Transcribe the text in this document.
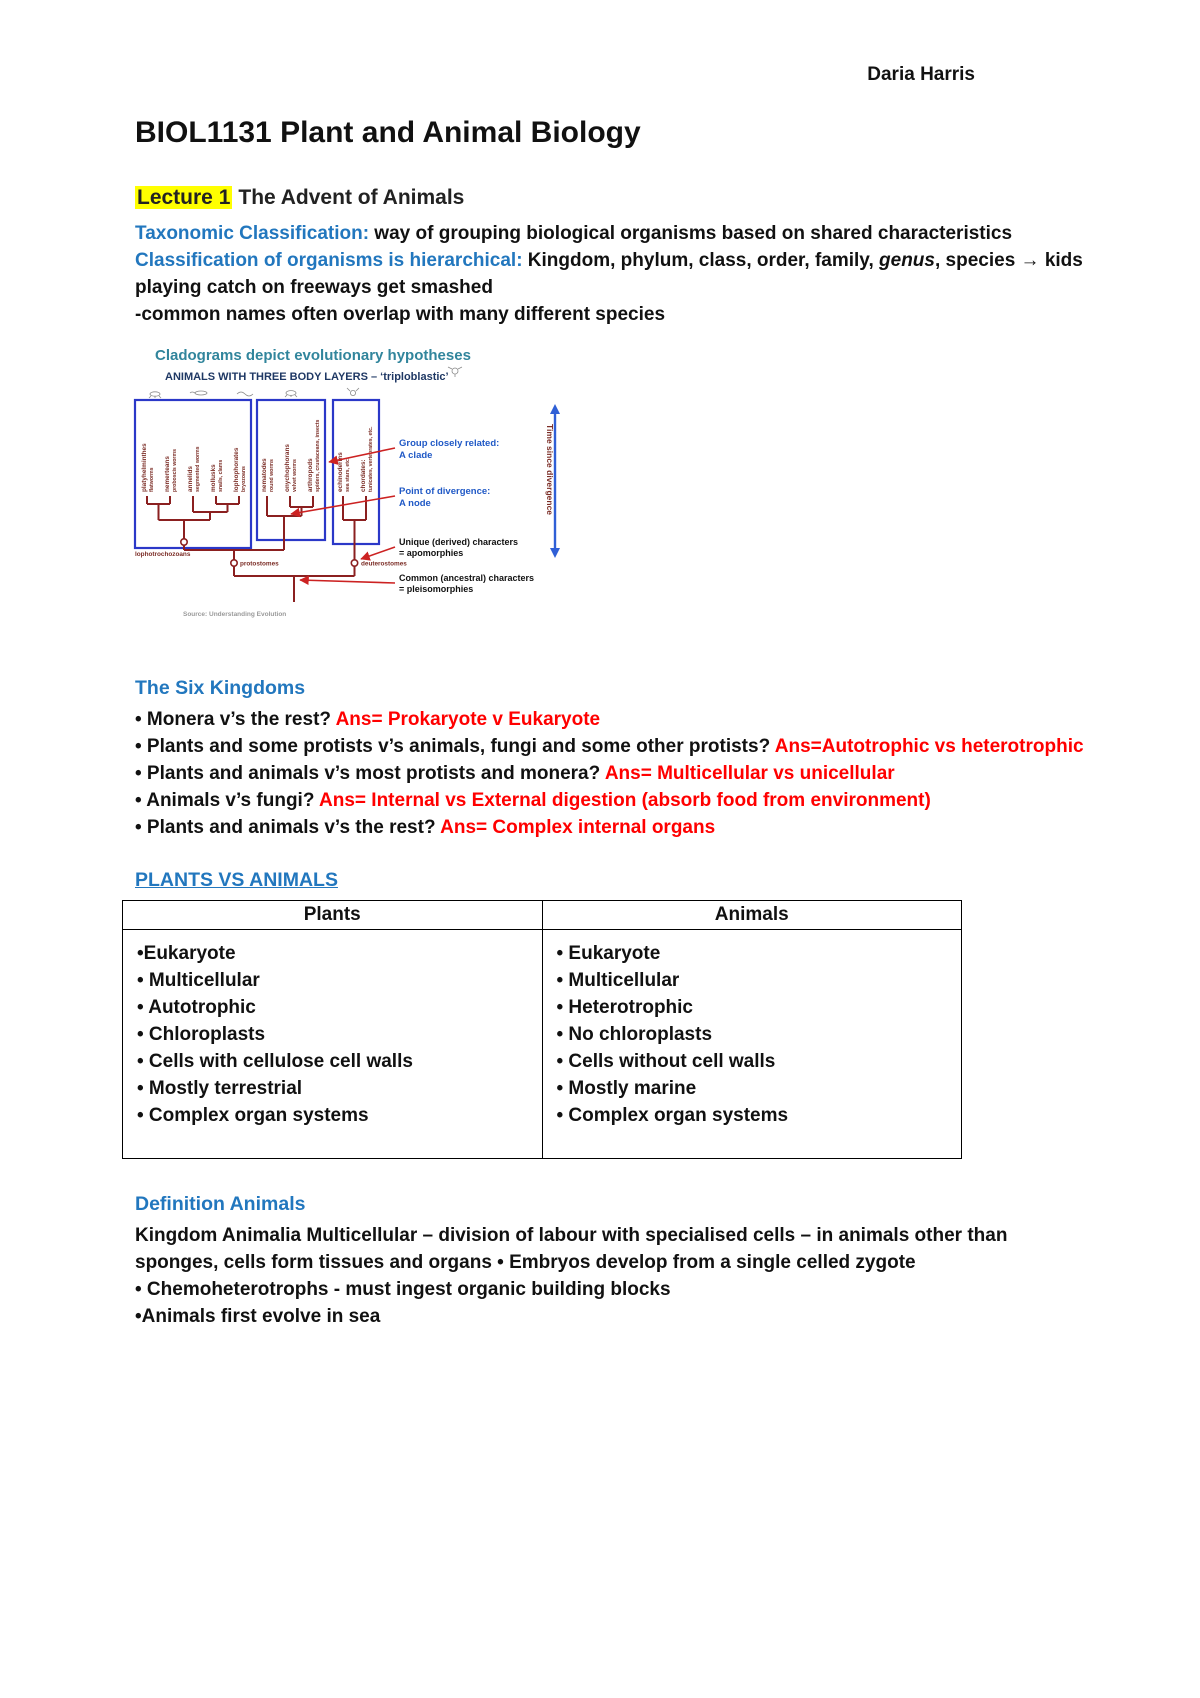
Daria Harris
BIOL1131 Plant and Animal Biology
Lecture 1 The Advent of Animals
Taxonomic Classification: way of grouping biological organisms based on shared characteristics
Classification of organisms is hierarchical: Kingdom, phylum, class, order, family, genus, species → kids playing catch on freeways get smashed
-common names often overlap with many different species
Cladograms depict evolutionary hypotheses
ANIMALS WITH THREE BODY LAYERS – ‘triploblastic’
platyhelminthes flatworms nemerteans proboscis worms annelids segmented worms mollusks snails, clams lophophorates bryozoans nematodes round worms onychophorans velvet worms arthropods spiders, crustaceans, insects	echinoderms sea stars, etc. chordates: tunicates, vertebrates, etc.
lophotrochozoans
protostomes	deuterostomes
Group closely related:
A clade
Point of divergence:
A node
Unique (derived) characters
= apomorphies
Common (ancestral) characters
= pleisomorphies
Time since divergence
Source: Understanding Evolution
The Six Kingdoms
• Monera v’s the rest? Ans= Prokaryote v Eukaryote
• Plants and some protists v’s animals, fungi and some other protists? Ans=Autotrophic vs heterotrophic
• Plants and animals v’s most protists and monera? Ans= Multicellular vs unicellular
• Animals v’s fungi? Ans= Internal vs External digestion (absorb food from environment)
• Plants and animals v’s the rest? Ans= Complex internal organs
PLANTS VS ANIMALS
Plants	Animals

•Eukaryote
• Multicellular
• Autotrophic
• Chloroplasts
• Cells with cellulose cell walls
• Mostly terrestrial
• Complex organ systems

• Eukaryote
• Multicellular
• Heterotrophic
• No chloroplasts
• Cells without cell walls
• Mostly marine
• Complex organ systems
Definition Animals
Kingdom Animalia Multicellular – division of labour with specialised cells – in animals other than sponges, cells form tissues and organs • Embryos develop from a single celled zygote
• Chemoheterotrophs - must ingest organic building blocks
•Animals first evolve in sea
